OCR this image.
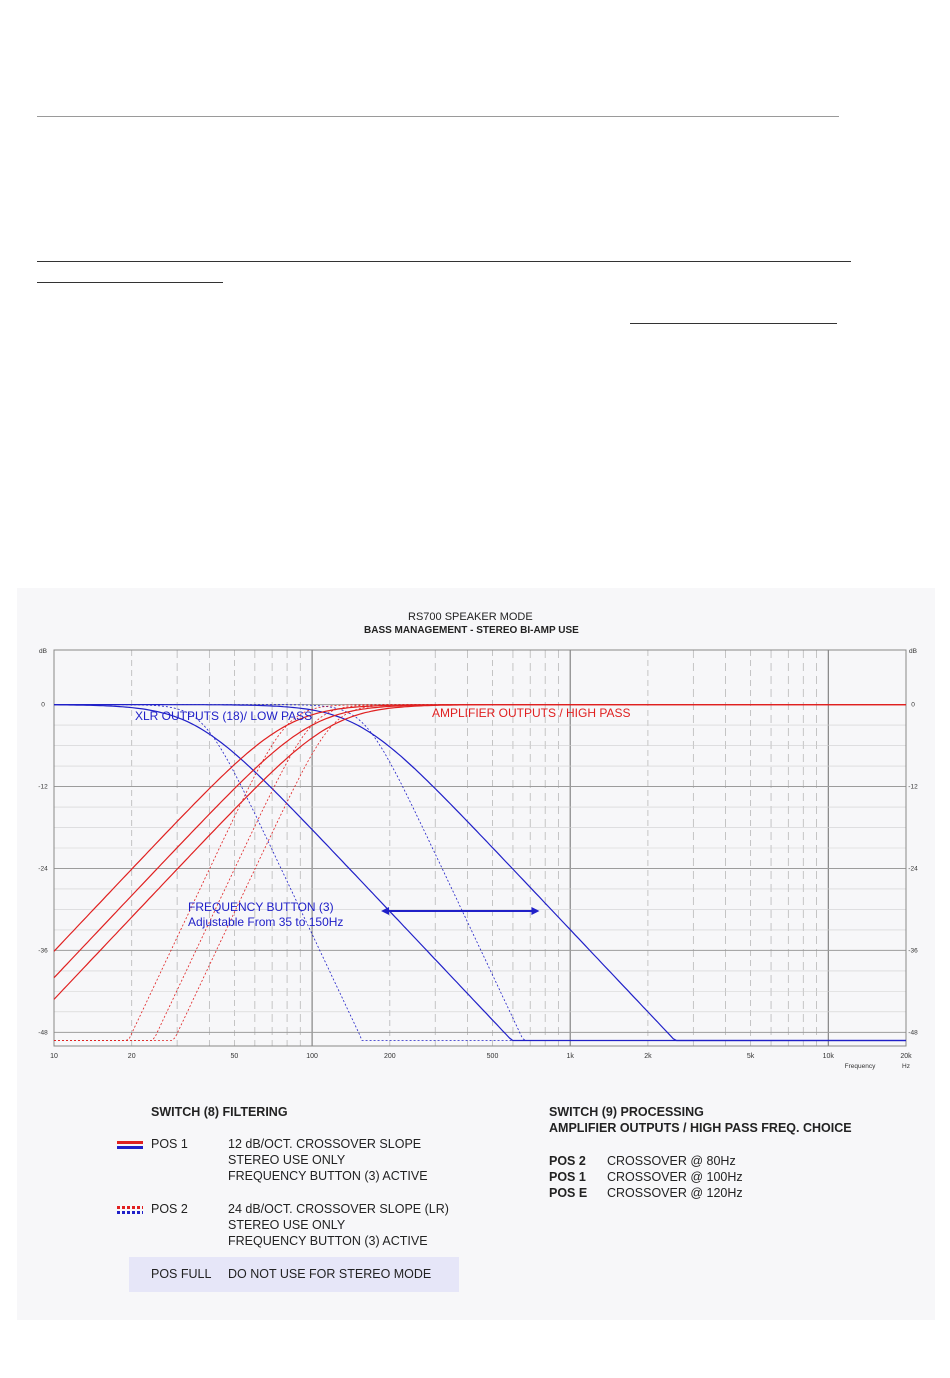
10	20	50	100	200	500	1k	2k	5k	10k	20k
0	0
-12	-12
-24	-24
-36	-36
-48	-48
dB	dB
Frequency	Hz
XLR OUTPUTS (18)/ LOW PASS	AMPLIFIER OUTPUTS / HIGH PASS
FREQUENCY BUTTON (3)
Adjustable From 35 to 150Hz
RS700 SPEAKER MODE
BASS MANAGEMENT - STEREO BI-AMP USE
SWITCH (8) FILTERING
POS 1	12 dB/OCT. CROSSOVER SLOPE
STEREO USE ONLY
FREQUENCY BUTTON (3) ACTIVE
POS 2	24 dB/OCT. CROSSOVER SLOPE (LR)
STEREO USE ONLY
FREQUENCY BUTTON (3) ACTIVE
POS FULL DO NOT USE FOR STEREO MODE
SWITCH (9) PROCESSING
AMPLIFIER OUTPUTS / HIGH PASS FREQ. CHOICE
POS 2 CROSSOVER @ 80Hz
POS 1 CROSSOVER @ 100Hz
POS E CROSSOVER @ 120Hz
